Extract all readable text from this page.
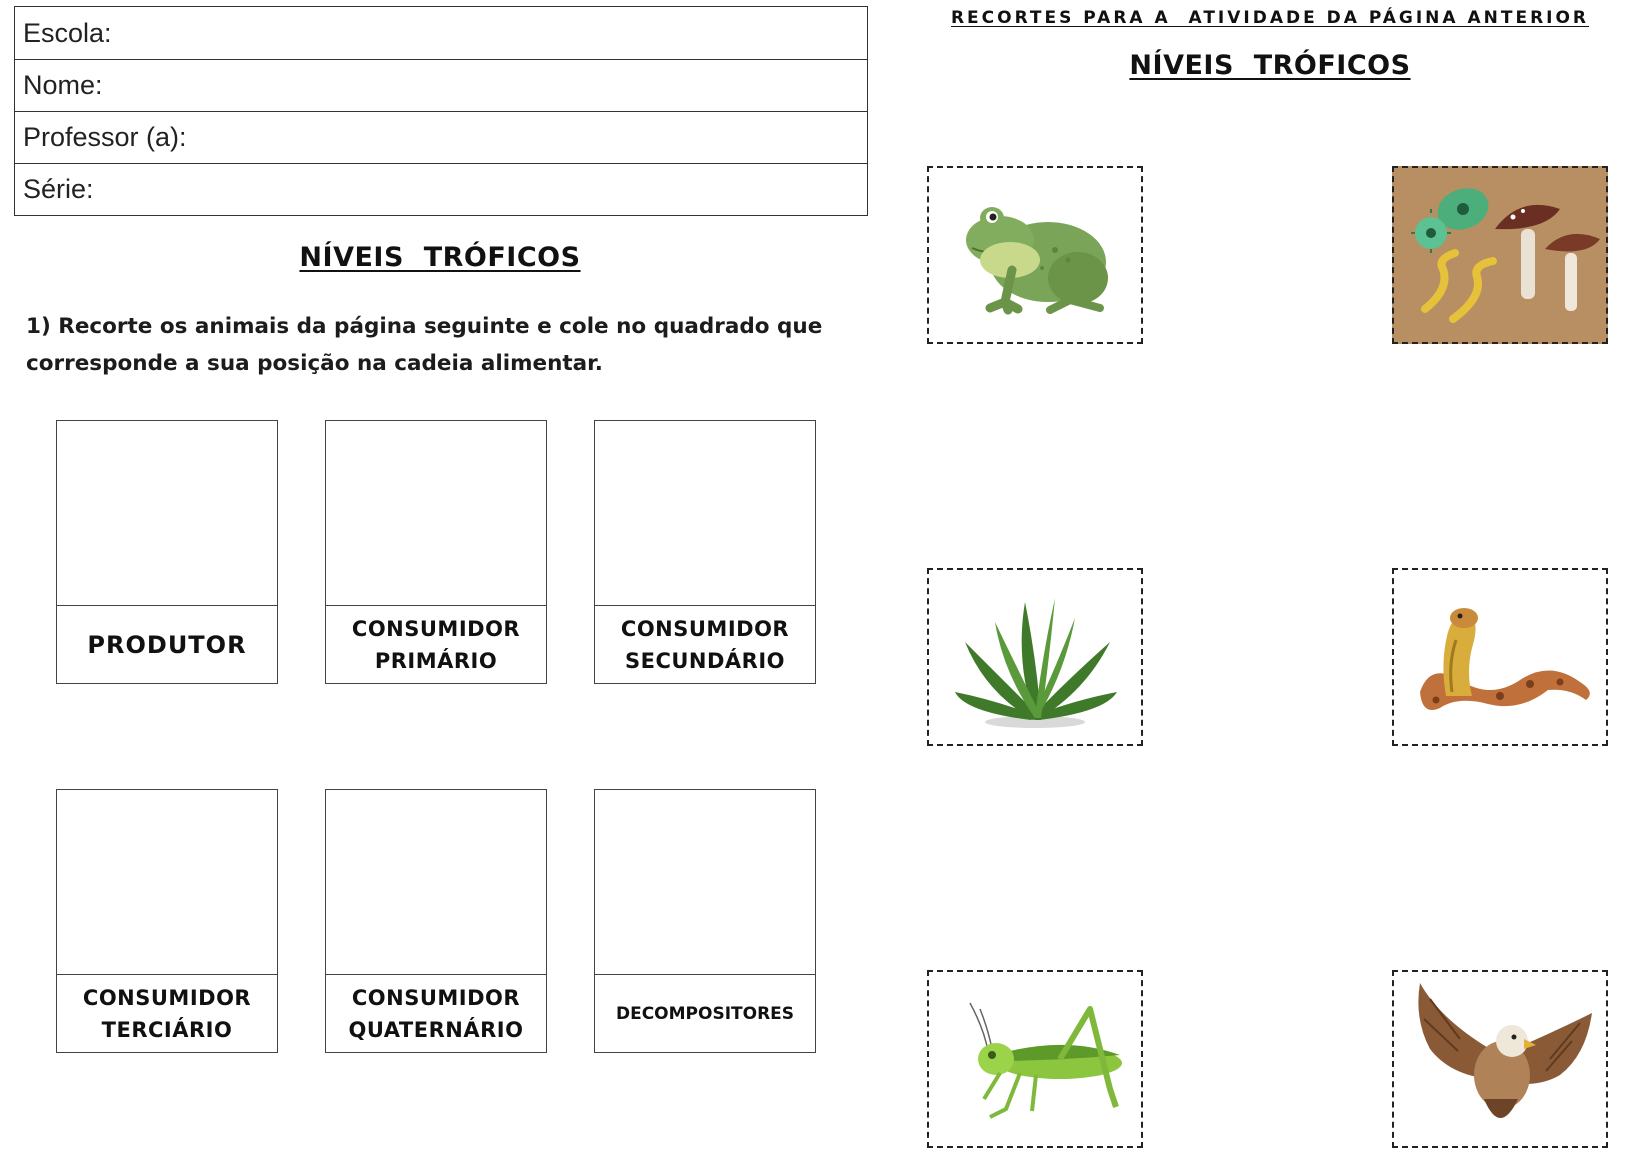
Escola:
Nome:
Professor (a):
Série:
NÍVEIS  TRÓFICOS
1) Recorte os animais da página seguinte e cole no quadrado que
corresponde a sua posição na cadeia alimentar.
PRODUTOR
CONSUMIDOR
PRIMÁRIO
CONSUMIDOR
SECUNDÁRIO
CONSUMIDOR
TERCIÁRIO
CONSUMIDOR
QUATERNÁRIO
DECOMPOSITORES
RECORTES PARA A  ATIVIDADE DA PÁGINA ANTERIOR
NÍVEIS  TRÓFICOS
